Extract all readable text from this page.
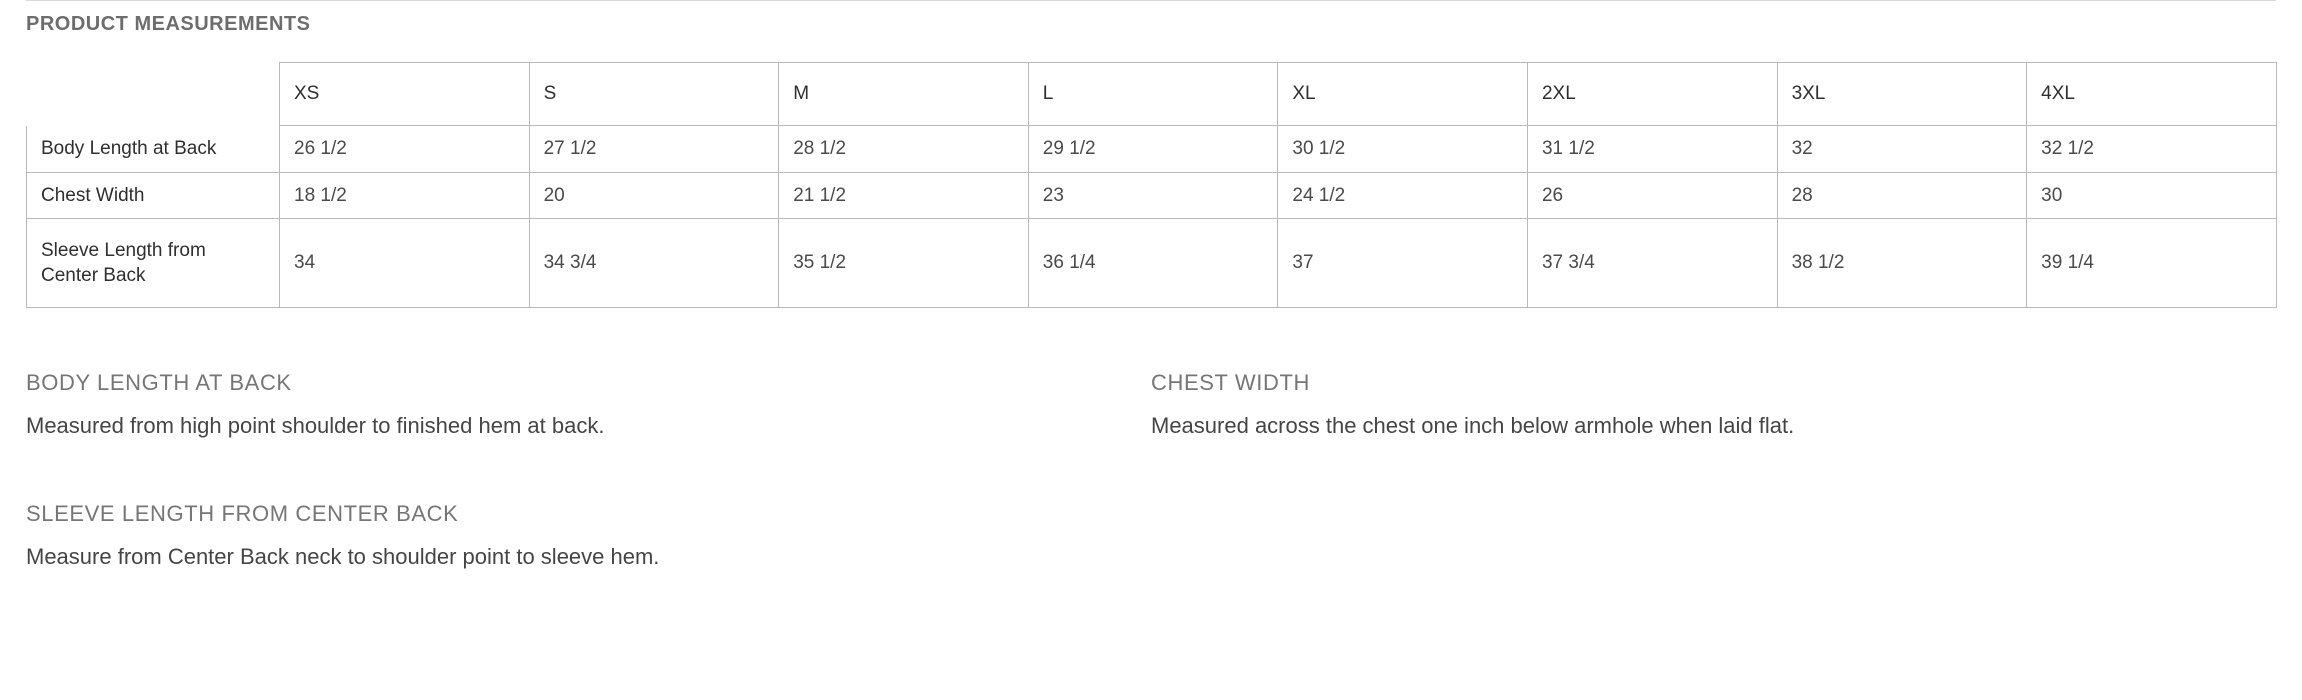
PRODUCT MEASUREMENTS
	XS	S	M	L	XL	2XL	3XL	4XL
Body Length at Back	26 1/2	27 1/2	28 1/2	29 1/2	30 1/2	31 1/2	32	32 1/2
Chest Width	18 1/2	20	21 1/2	23	24 1/2	26	28	30
Sleeve Length from Center Back	34	34 3/4	35 1/2	36 1/4	37	37 3/4	38 1/2	39 1/4
BODY LENGTH AT BACK

Measured from high point shoulder to finished hem at back.

CHEST WIDTH

Measured across the chest one inch below armhole when laid flat.

SLEEVE LENGTH FROM CENTER BACK

Measure from Center Back neck to shoulder point to sleeve hem.
